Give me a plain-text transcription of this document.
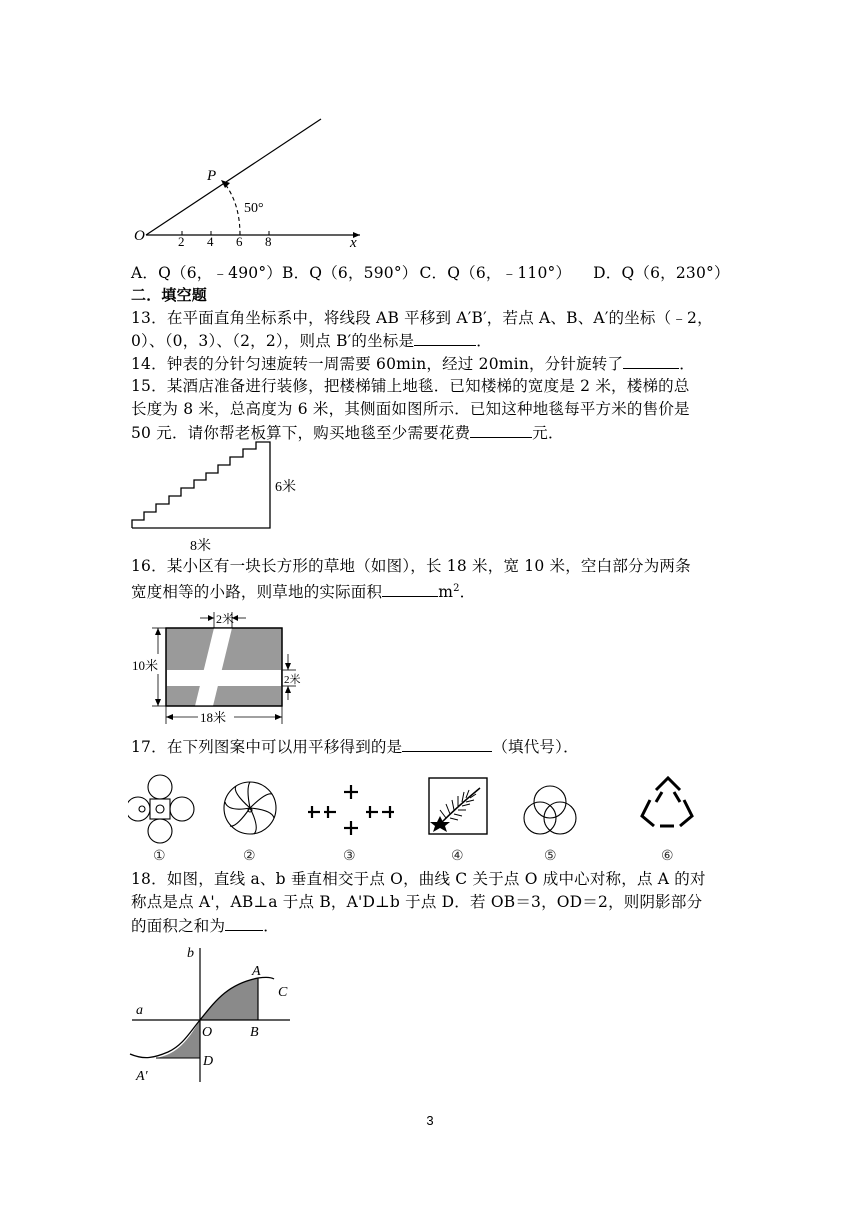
O
P
x
50°
2 4 6 8
A．Q（6，﹣490°）B．Q（6，590°） C．Q（6，﹣110°） D．Q（6，230°）
二．填空题
13．在平面直角坐标系中，将线段 AB 平移到 A′B′，若点 A、B、A′的坐标（﹣2，
0）、（0，3）、（2，2），则点 B′的坐标是	．
14．钟表的分针匀速旋转一周需要 60min，经过 20min，分针旋转了	．
15．某酒店准备进行装修，把楼梯铺上地毯．已知楼梯的宽度是 2 米，楼梯的总
长度为 8 米，总高度为 6 米，其侧面如图所示．已知这种地毯每平方米的售价是
50 元．请你帮老板算下，购买地毯至少需要花费	元．
6米
8米
16．某小区有一块长方形的草地（如图），长 18 米，宽 10 米，空白部分为两条
宽度相等的小路，则草地的实际面积	$m^2$．
2米
10米
2米
18米
17．在下列图案中可以用平移得到的是	（填代号）．
①	②	③	④	⑤	⑥
18．如图，直线 a、b 垂直相交于点 O，曲线 C 关于点 O 成中心对称，点 A 的对
称点是点 A'，AB⊥a 于点 B，A'D⊥b 于点 D．若 OB＝3，OD＝2，则阴影部分
的面积之和为 ．
a
b
A
C
O	B
D
A′
3
